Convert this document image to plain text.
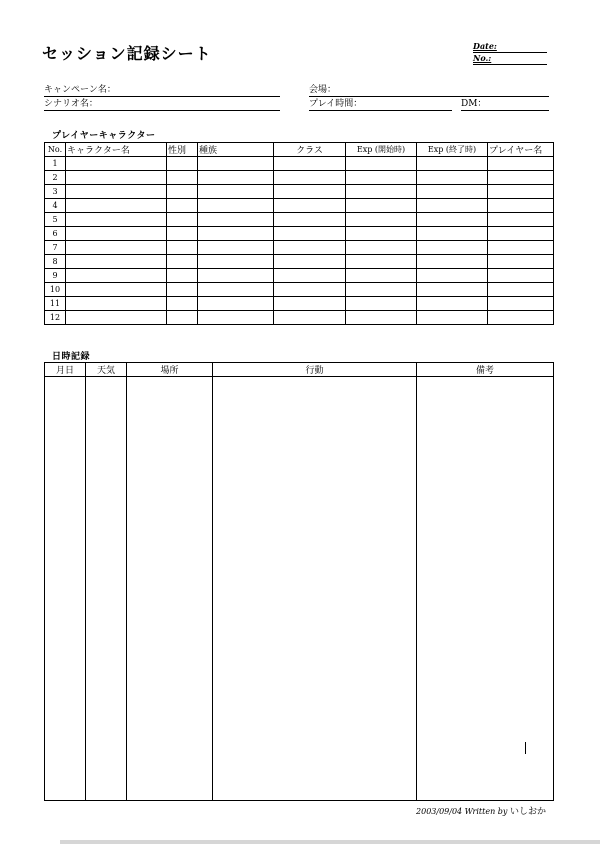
セッション記録シート	Date:
No.:
キャンペーン名：	会場：
シナリオ名：	プレイ時間：	DM：
プレイヤーキャラクター
No.	キャラクター名	性別	種族	クラス	Exp (開始時)	Exp (終了時)	プレイヤー名
1							
2							
3							
4							
5							
6							
7							
8							
9							
10							
11							
12							
日時記録
月日	天気	場所	行動	備考

2003/09/04 Written by いしおか
